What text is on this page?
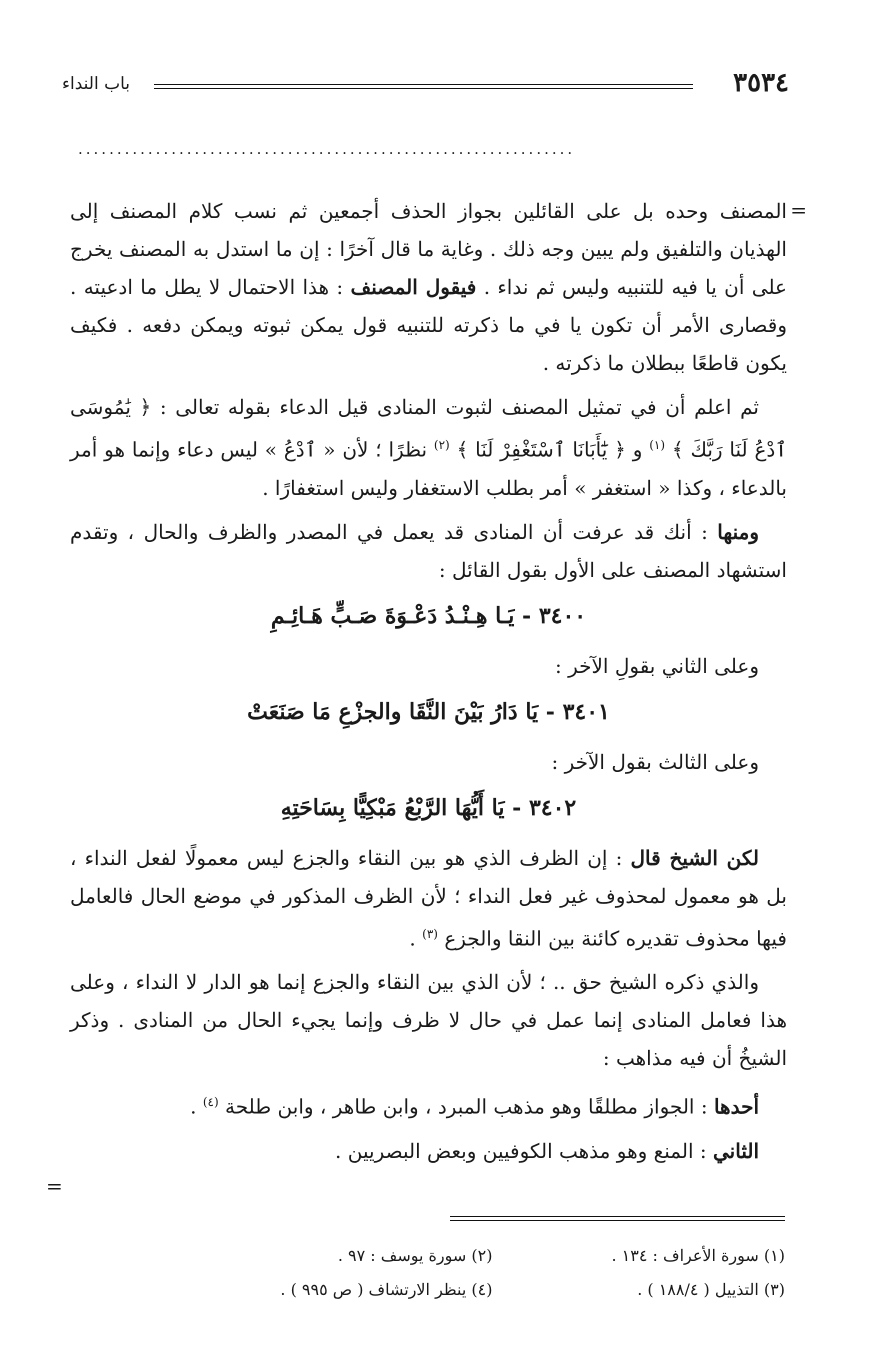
٣٥٣٤
باب النداء
................................................................
=

المصنف وحده بل على القائلين بجواز الحذف أجمعين ثم نسب كلام المصنف إلى الهذيان والتلفيق ولم يبين وجه ذلك . وغاية ما قال آخرًا : إن ما استدل به المصنف يخرج على أن يا فيه للتنبيه وليس ثم نداء . فيقول المصنف : هذا الاحتمال لا يطل ما ادعيته . وقصارى الأمر أن تكون يا في ما ذكرته للتنبيه قول يمكن ثبوته ويمكن دفعه . فكيف يكون قاطعًا ببطلان ما ذكرته .

ثم اعلم أن في تمثيل المصنف لثبوت المنادى قيل الدعاء بقوله تعالى : ﴿ يَٰمُوسَى ٱدْعُ لَنَا رَبَّكَ ﴾ $^{(١)}$ و ﴿ يَٰٓأَبَانَا ٱسْتَغْفِرْ لَنَا ﴾ $^{(٢)}$ نظرًا ؛ لأن « ٱدْعُ » ليس دعاء وإنما هو أمر بالدعاء ، وكذا « استغفر » أمر بطلب الاستغفار وليس استغفارًا .

ومنها : أنك قد عرفت أن المنادى قد يعمل في المصدر والظرف والحال ، وتقدم استشهاد المصنف على الأول بقول القائل :

٣٤٠٠ - يَـا هِـنْـدُ دَعْـوَةَ صَـبٍّ هَـائِـمِ

وعلى الثاني بقولِ الآخر :

٣٤٠١ - يَا دَارُ بَيْنَ النَّقَا والجزْعِ مَا صَنَعَتْ

وعلى الثالث بقول الآخر :

٣٤٠٢ - يَا أَيُّهَا الرَّبْعُ مَبْكِيًّا بِسَاحَتِهِ

لكن الشيخ قال : إن الظرف الذي هو بين النقاء والجزع ليس معمولًا لفعل النداء ، بل هو معمول لمحذوف غير فعل النداء ؛ لأن الظرف المذكور في موضع الحال فالعامل فيها محذوف تقديره كائنة بين النقا والجزع $^{(٣)}$ .

والذي ذكره الشيخ حق .. ؛ لأن الذي بين النقاء والجزع إنما هو الدار لا النداء ، وعلى هذا فعامل المنادى إنما عمل في حال لا ظرف وإنما يجيء الحال من المنادى . وذكر الشيخُ أن فيه مذاهب :

أحدها : الجواز مطلقًا وهو مذهب المبرد ، وابن طاهر ، وابن طلحة $^{(٤)}$ .

الثاني : المنع وهو مذهب الكوفيين وبعض البصريين .

=
(١) سورة الأعراف : ١٣٤ .
(٢) سورة يوسف : ٩٧ .
(٣) التذييل ( ١٨٨/٤ ) .
(٤) ينظر الارتشاف ( ص ٩٩٥ ) .
